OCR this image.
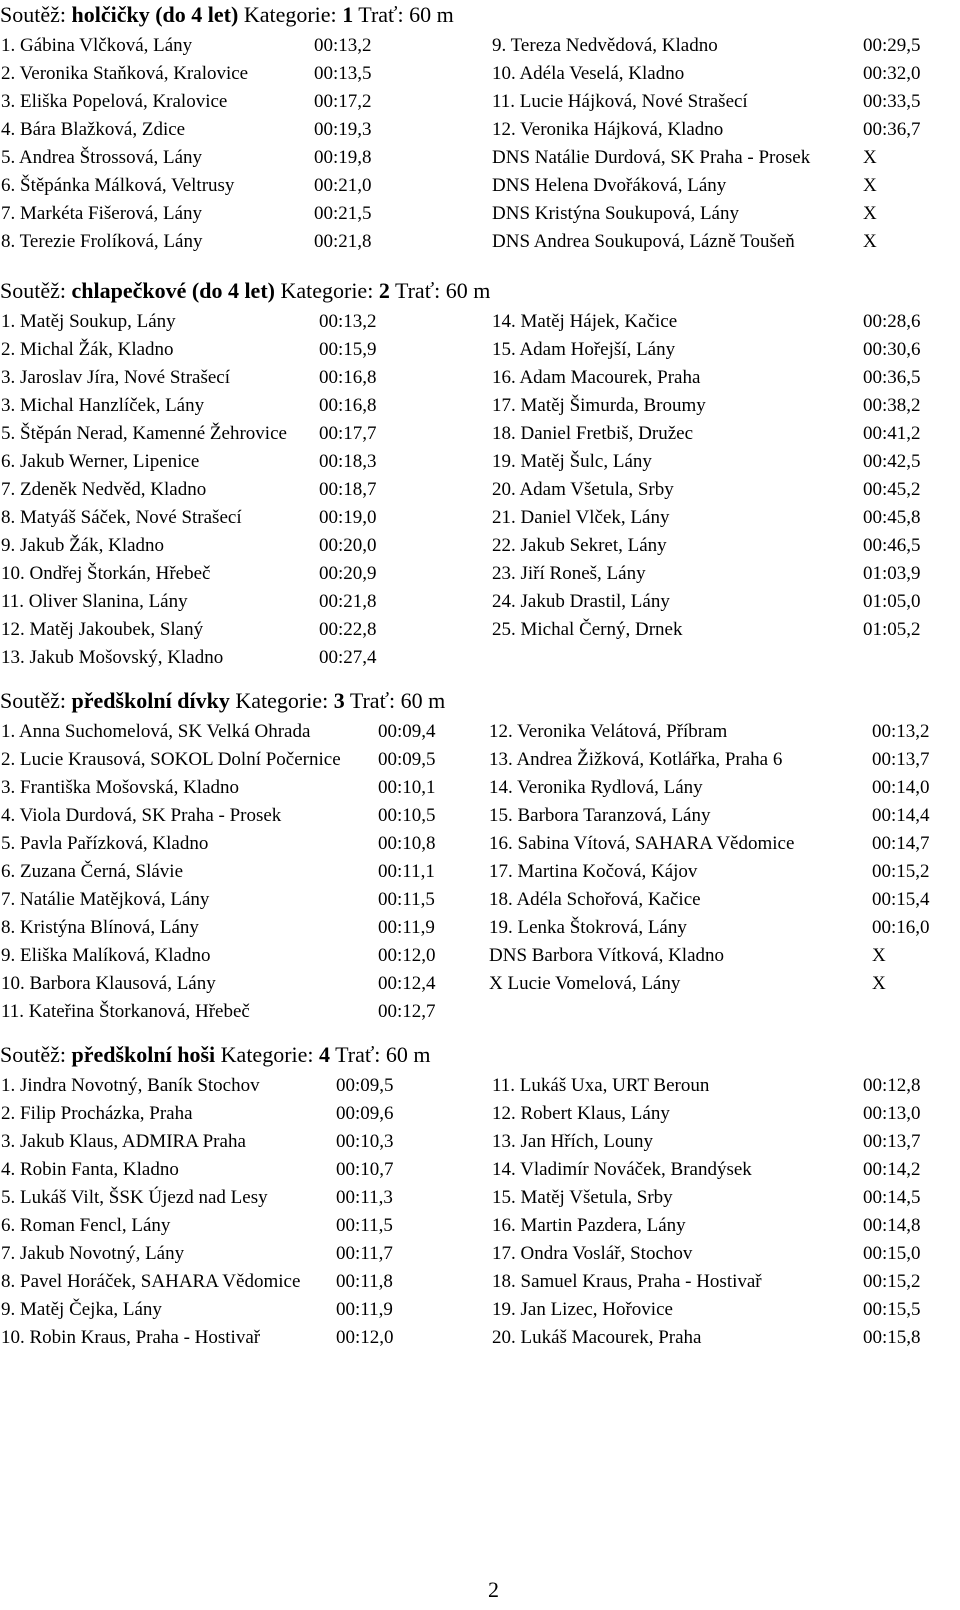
Soutěž: holčičky (do 4 let) Kategorie: 1 Trať: 60 m
1. Gábina Vlčková, Lány	00:13,2
2. Veronika Staňková, Kralovice	00:13,5
3. Eliška Popelová, Kralovice	00:17,2
4. Bára Blažková, Zdice	00:19,3
5. Andrea Štrossová, Lány	00:19,8
6. Štěpánka Málková, Veltrusy	00:21,0
7. Markéta Fišerová, Lány	00:21,5
8. Terezie Frolíková, Lány	00:21,8
9. Tereza Nedvědová, Kladno	00:29,5
10. Adéla Veselá, Kladno	00:32,0
11. Lucie Hájková, Nové Strašecí	00:33,5
12. Veronika Hájková, Kladno	00:36,7
DNS Natálie Durdová, SK Praha - Prosek	X
DNS Helena Dvořáková, Lány	X
DNS Kristýna Soukupová, Lány	X
DNS Andrea Soukupová, Lázně Toušeň	X
Soutěž: chlapečkové (do 4 let) Kategorie: 2 Trať: 60 m
1. Matěj Soukup, Lány	00:13,2
2. Michal Žák, Kladno	00:15,9
3. Jaroslav Jíra, Nové Strašecí	00:16,8
3. Michal Hanzlíček, Lány	00:16,8
5. Štěpán Nerad, Kamenné Žehrovice 00:17,7
6. Jakub Werner, Lipenice	00:18,3
7. Zdeněk Nedvěd, Kladno	00:18,7
8. Matyáš Sáček, Nové Strašecí	00:19,0
9. Jakub Žák, Kladno	00:20,0
10. Ondřej Štorkán, Hřebeč	00:20,9
11. Oliver Slanina, Lány	00:21,8
12. Matěj Jakoubek, Slaný	00:22,8
13. Jakub Mošovský, Kladno	00:27,4
14. Matěj Hájek, Kačice	00:28,6
15. Adam Hořejší, Lány	00:30,6
16. Adam Macourek, Praha	00:36,5
17. Matěj Šimurda, Broumy	00:38,2
18. Daniel Fretbiš, Družec	00:41,2
19. Matěj Šulc, Lány	00:42,5
20. Adam Všetula, Srby	00:45,2
21. Daniel Vlček, Lány	00:45,8
22. Jakub Sekret, Lány	00:46,5
23. Jiří Roneš, Lány	01:03,9
24. Jakub Drastil, Lány	01:05,0
25. Michal Černý, Drnek	01:05,2
Soutěž: předškolní dívky Kategorie: 3 Trať: 60 m
1. Anna Suchomelová, SK Velká Ohrada	00:09,4
2. Lucie Krausová, SOKOL Dolní Počernice 00:09,5
3. Františka Mošovská, Kladno	00:10,1
4. Viola Durdová, SK Praha - Prosek	00:10,5
5. Pavla Pařízková, Kladno	00:10,8
6. Zuzana Černá, Slávie	00:11,1
7. Natálie Matějková, Lány	00:11,5
8. Kristýna Blínová, Lány	00:11,9
9. Eliška Malíková, Kladno	00:12,0
10. Barbora Klausová, Lány	00:12,4
11. Kateřina Štorkanová, Hřebeč	00:12,7
12. Veronika Velátová, Příbram	00:13,2
13. Andrea Žižková, Kotlářka, Praha 6	00:13,7
14. Veronika Rydlová, Lány	00:14,0
15. Barbora Taranzová, Lány	00:14,4
16. Sabina Vítová, SAHARA Vědomice	00:14,7
17. Martina Kočová, Kájov	00:15,2
18. Adéla Schořová, Kačice	00:15,4
19. Lenka Štokrová, Lány	00:16,0
DNS Barbora Vítková, Kladno	X
X Lucie Vomelová, Lány	X
Soutěž: předškolní hoši Kategorie: 4 Trať: 60 m
1. Jindra Novotný, Baník Stochov	00:09,5
2. Filip Procházka, Praha	00:09,6
3. Jakub Klaus, ADMIRA Praha	00:10,3
4. Robin Fanta, Kladno	00:10,7
5. Lukáš Vilt, ŠSK Újezd nad Lesy	00:11,3
6. Roman Fencl, Lány	00:11,5
7. Jakub Novotný, Lány	00:11,7
8. Pavel Horáček, SAHARA Vědomice 00:11,8
9. Matěj Čejka, Lány	00:11,9
10. Robin Kraus, Praha - Hostivař	00:12,0
11. Lukáš Uxa, URT Beroun	00:12,8
12. Robert Klaus, Lány	00:13,0
13. Jan Hřích, Louny	00:13,7
14. Vladimír Nováček, Brandýsek	00:14,2
15. Matěj Všetula, Srby	00:14,5
16. Martin Pazdera, Lány	00:14,8
17. Ondra Voslář, Stochov	00:15,0
18. Samuel Kraus, Praha - Hostivař	00:15,2
19. Jan Lizec, Hořovice	00:15,5
20. Lukáš Macourek, Praha	00:15,8
2
